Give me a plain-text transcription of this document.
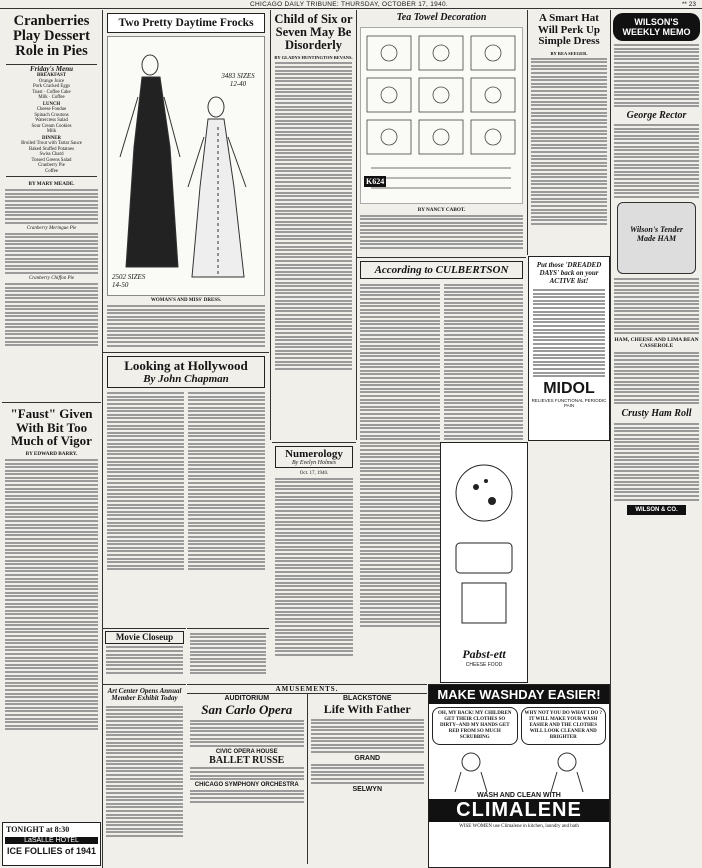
CHICAGO DAILY TRIBUNE: THURSDAY, OCTOBER 17, 1940.	** 23
Cranberries Play Dessert Role in Pies
Friday's Menu
BREAKFAST
Orange Juice
Pork Cracked Eggs
Toast · Coffee Cake
Milk · Coffee
LUNCH
Cheese Fondue
Spinach Croutons
Watercress Salad
Sour Cream Cookies
Milk
DINNER
Broiled Trout with Tartar Sauce
Baked Stuffed Potatoes
Swiss Chard
Tossed Greens Salad
Cranberry Pie
Coffee
BY MARY MEADE.
Cranberry Meringue Pie
Cranberry Chiffon Pie
"Faust" Given With Bit Too Much of Vigor
BY EDWARD BARRY.
TONIGHT at 8:30
LaSALLE HOTEL
ICE FOLLIES of 1941
Two Pretty Daytime Frocks
3483 SIZES 12-40
2502 SIZES 14-50
WOMAN'S AND MISS' DRESS.
Looking at Hollywood
By John Chapman
Movie Closeup
Art Center Opens Annual Member Exhibit Today
AMUSEMENTS.
AUDITORIUM
San Carlo Opera
CIVIC OPERA HOUSE
BALLET RUSSE
CHICAGO SYMPHONY ORCHESTRA
BLACKSTONE
Life With Father
GRAND
SELWYN
Child of Six or Seven May Be Disorderly
BY GLADYS HUNTINGTON BEVANS.
Numerology
By Evelyn Holmes
Oct. 17, 1940.
Tea Towel Decoration
K624
BY NANCY CABOT.
According to CULBERTSON
A Smart Hat Will Perk Up Simple Dress
BY REA SEEGER.
Put those 'DREADED DAYS' back on your ACTIVE list!
MIDOL
RELIEVES FUNCTIONAL PERIODIC PAIN
Pabst-ett
CHEESE FOOD
MAKE WASHDAY EASIER!
OH, MY BACK! MY CHILDREN GET THEIR CLOTHES SO DIRTY--AND MY HANDS GET RED FROM SO MUCH SCRUBBING
WHY NOT YOU DO WHAT I DO ? IT WILL MAKE YOUR WASH EASIER AND THE CLOTHES WILL LOOK CLEANER AND BRIGHTER
WASH AND CLEAN WITH
CLIMALENE
WISE WOMEN use Climalene in kitchen, laundry and bath
WILSON'S WEEKLY MEMO
George Rector
Wilson's Tender Made HAM
HAM, CHEESE AND LIMA BEAN CASSEROLE
Crusty Ham Roll
WILSON & CO.
